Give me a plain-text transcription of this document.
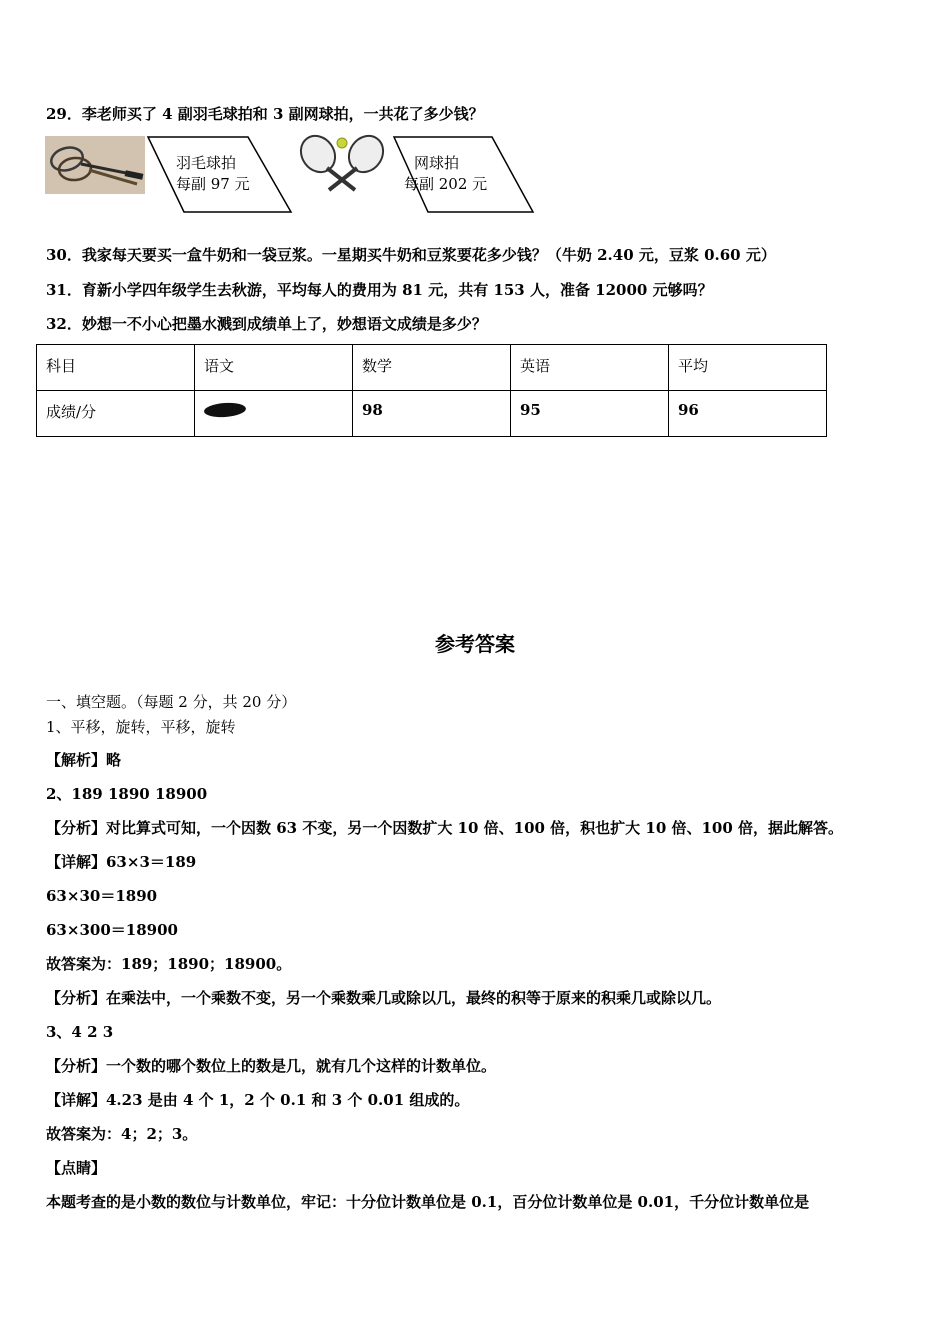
29．李老师买了 4 副羽毛球拍和 3 副网球拍，一共花了多少钱？
羽毛球拍
每副 97 元
网球拍
每副 202 元
30．我家每天要买一盒牛奶和一袋豆浆。一星期买牛奶和豆浆要花多少钱？（牛奶 2.40 元，豆浆 0.60 元）
31．育新小学四年级学生去秋游，平均每人的费用为 81 元，共有 153 人，准备 12000 元够吗？
32．妙想一不小心把墨水溅到成绩单上了，妙想语文成绩是多少？
科目	语文	数学	英语	平均
成绩/分		98	95	96
参考答案
一、填空题。（每题 2 分，共 20 分）
1、平移，旋转，平移，旋转
【解析】略
2、189 1890 18900
【分析】对比算式可知，一个因数 63 不变，另一个因数扩大 10 倍、100 倍，积也扩大 10 倍、100 倍，据此解答。
【详解】63×3＝189
63×30＝1890
63×300＝18900
故答案为：189；1890；18900。
【分析】在乘法中，一个乘数不变，另一个乘数乘几或除以几，最终的积等于原来的积乘几或除以几。
3、4 2 3
【分析】一个数的哪个数位上的数是几，就有几个这样的计数单位。
【详解】4.23 是由 4 个 1，2 个 0.1 和 3 个 0.01 组成的。
故答案为：4；2；3。
【点睛】
本题考查的是小数的数位与计数单位，牢记：十分位计数单位是 0.1，百分位计数单位是 0.01，千分位计数单位是
